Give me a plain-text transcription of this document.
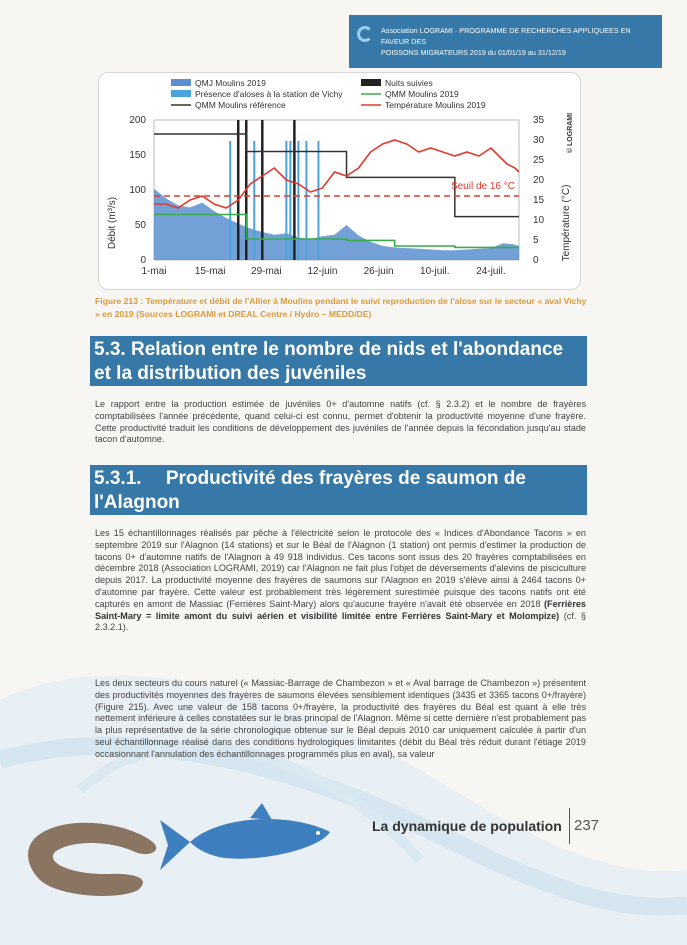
Association LOGRAMI · PROGRAMME DE RECHERCHES APPLIQUEES EN FAVEUR DES
POISSONS MIGRATEURS 2019 du 01/01/19 au 31/12/19
QMJ Moulins 2019
Présence d'aloses à la station de Vichy
QMM Moulins référence
Nuits suivies
QMM Moulins 2019
Température Moulins 2019
© LOGRAMI
Débit (m³/s)	Température (°C)
0
50
100
150
200
0
5
10
15
20
25
30
35
1-mai	15-mai	29-mai	12-juin	26-juin	10-juil.	24-juil.
Seuil de 16 °C
Figure 213 : Température et débit de l'Allier à Moulins pendant le suivi reproduction de l'alose sur le secteur « aval Vichy » en 2019 (Sources LOGRAMI et DREAL Centre / Hydro – MEDD/DE)
5.3. Relation entre le nombre de nids et l'abondance et la distribution des juvéniles
Le rapport entre la production estimée de juvéniles 0+ d'automne natifs (cf. § 2.3.2) et le nombre de frayères comptabilisées l'année précédente, quand celui-ci est connu, permet d'obtenir la productivité moyenne d'une frayère. Cette productivité traduit les conditions de développement des juvéniles de l'année depuis la fécondation jusqu'au stade tacon d'automne.
5.3.1.  Productivité des frayères de saumon de l'Alagnon
Les 15 échantillonnages réalisés par pêche à l'électricité selon le protocole des « Indices d'Abondance Tacons » en septembre 2019 sur l'Alagnon (14 stations) et sur le Béal de l'Alagnon (1 station) ont permis d'estimer la production de tacons 0+ d'automne natifs de l'Alagnon à 49 918 individus. Ces tacons sont issus des 20 frayères comptabilisées en décembre 2018 (Association LOGRAMI, 2019) car l'Alagnon ne fait plus l'objet de déversements d'alevins de pisciculture depuis 2017. La productivité moyenne des frayères de saumons sur l'Alagnon en 2019 s'élève ainsi à 2464 tacons 0+ d'automne par frayère. Cette valeur est probablement très légèrement surestimée puisque des tacons natifs ont été capturés en amont de Massiac (Ferrières Saint-Mary) alors qu'aucune frayère n'avait été observée en 2018 (Ferrières Saint-Mary = limite amont du suivi aérien et visibilité limitée entre Ferrières Saint-Mary et Molompize) (cf. § 2.3.2.1).
Les deux secteurs du cours naturel (« Massiac-Barrage de Chambezon » et « Aval barrage de Chambezon ») présentent des productivités moyennes des frayères de saumons élevées sensiblement identiques (3435 et 3365 tacons 0+/frayère) (Figure 215). Avec une valeur de 158 tacons 0+/frayère, la productivité des frayères du Béal est quant à elle très nettement inférieure à celles constatées sur le bras principal de l'Alagnon. Même si cette dernière n'est probablement pas la plus représentative de la série chronologique obtenue sur le Béal depuis 2010 car uniquement calculée à partir d'un seul échantillonnage réalisé dans des conditions hydrologiques limitantes (débit du Béal très réduit durant l'étiage 2019 occasionnant l'annulation des échantillonnages programmés plus en aval), sa valeur
La dynamique de population 237
